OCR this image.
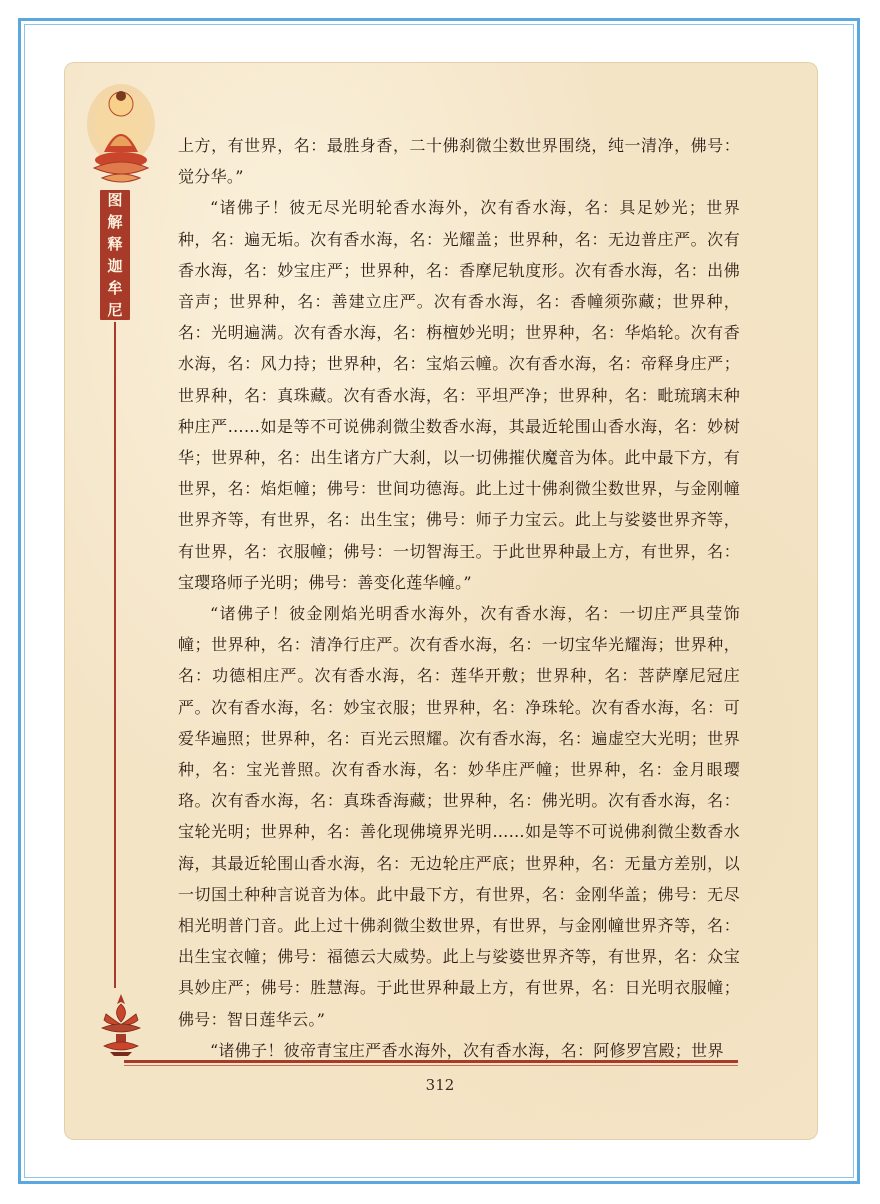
图
解
释
迦
牟
尼

上方，有世界，名：最胜身香，二十佛刹微尘数世界围绕，纯一清净，佛号：觉分华。”

“诸佛子！彼无尽光明轮香水海外，次有香水海，名：具足妙光；世界种，名：遍无垢。次有香水海，名：光耀盖；世界种，名：无边普庄严。次有香水海，名：妙宝庄严；世界种，名：香摩尼轨度形。次有香水海，名：出佛音声；世界种，名：善建立庄严。次有香水海，名：香幢须弥藏；世界种，名：光明遍满。次有香水海，名：栴檀妙光明；世界种，名：华焰轮。次有香水海，名：风力持；世界种，名：宝焰云幢。次有香水海，名：帝释身庄严；世界种，名：真珠藏。次有香水海，名：平坦严净；世界种，名：毗琉璃末种种庄严……如是等不可说佛刹微尘数香水海，其最近轮围山香水海，名：妙树华；世界种，名：出生诸方广大刹，以一切佛摧伏魔音为体。此中最下方，有世界，名：焰炬幢；佛号：世间功德海。此上过十佛刹微尘数世界，与金刚幢世界齐等，有世界，名：出生宝；佛号：师子力宝云。此上与娑婆世界齐等，有世界，名：衣服幢；佛号：一切智海王。于此世界种最上方，有世界，名：宝璎珞师子光明；佛号：善变化莲华幢。”

“诸佛子！彼金刚焰光明香水海外，次有香水海，名：一切庄严具莹饰幢；世界种，名：清净行庄严。次有香水海，名：一切宝华光耀海；世界种，名：功德相庄严。次有香水海，名：莲华开敷；世界种，名：菩萨摩尼冠庄严。次有香水海，名：妙宝衣服；世界种，名：净珠轮。次有香水海，名：可爱华遍照；世界种，名：百光云照耀。次有香水海，名：遍虚空大光明；世界种，名：宝光普照。次有香水海，名：妙华庄严幢；世界种，名：金月眼璎珞。次有香水海，名：真珠香海藏；世界种，名：佛光明。次有香水海，名：宝轮光明；世界种，名：善化现佛境界光明……如是等不可说佛刹微尘数香水海，其最近轮围山香水海，名：无边轮庄严底；世界种，名：无量方差别，以一切国土种种言说音为体。此中最下方，有世界，名：金刚华盖；佛号：无尽相光明普门音。此上过十佛刹微尘数世界，有世界，与金刚幢世界齐等，名：出生宝衣幢；佛号：福德云大威势。此上与娑婆世界齐等，有世界，名：众宝具妙庄严；佛号：胜慧海。于此世界种最上方，有世界，名：日光明衣服幢；佛号：智日莲华云。”

“诸佛子！彼帝青宝庄严香水海外，次有香水海，名：阿修罗宫殿；世界

312
